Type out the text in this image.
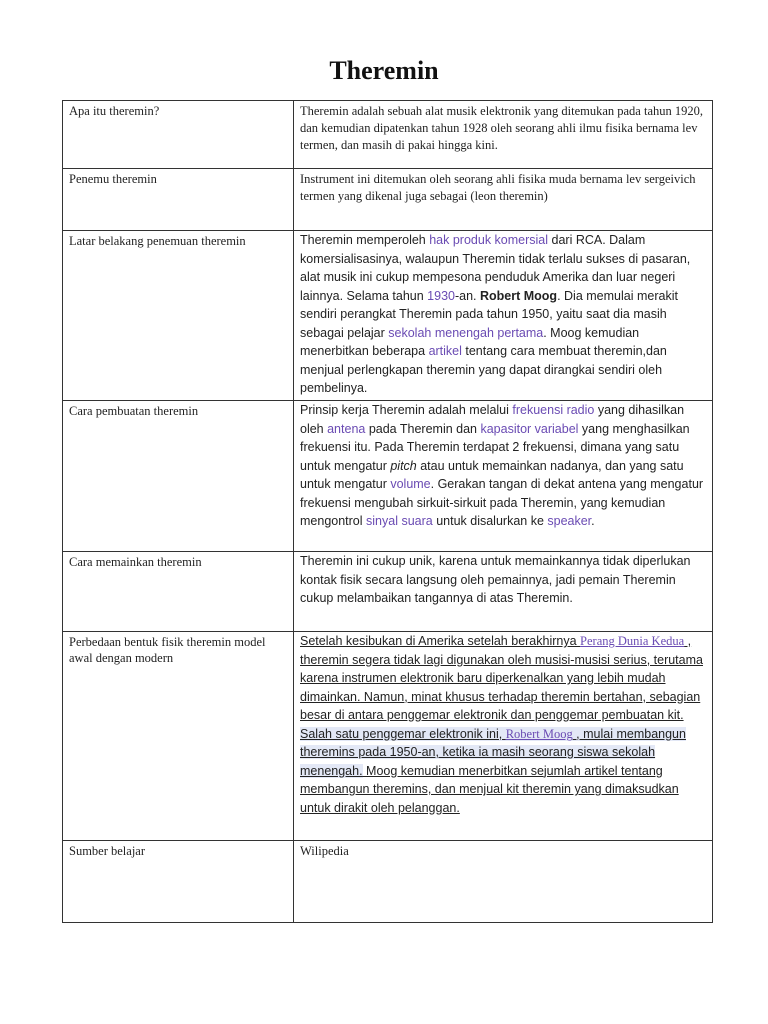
Theremin
Apa itu theremin?	Theremin adalah sebuah alat musik elektronik yang ditemukan pada tahun 1920, dan kemudian dipatenkan tahun 1928 oleh seorang ahli ilmu fisika bernama lev termen, dan masih di pakai hingga kini.
Penemu theremin	Instrument ini ditemukan oleh seorang ahli fisika muda bernama lev sergeivich termen yang dikenal juga sebagai (leon theremin)
Latar belakang penemuan theremin	Theremin memperoleh hak produk komersial dari RCA. Dalam komersialisasinya, walaupun Theremin tidak terlalu sukses di pasaran, alat musik ini cukup mempesona penduduk Amerika dan luar negeri lainnya. Selama tahun 1930-an. Robert Moog. Dia memulai merakit sendiri perangkat Theremin pada tahun 1950, yaitu saat dia masih sebagai pelajar sekolah menengah pertama. Moog kemudian menerbitkan beberapa artikel tentang cara membuat theremin,dan menjual perlengkapan theremin yang dapat dirangkai sendiri oleh pembelinya.
Cara pembuatan theremin	Prinsip kerja Theremin adalah melalui frekuensi radio yang dihasilkan oleh antena pada Theremin dan kapasitor variabel yang menghasilkan frekuensi itu. Pada Theremin terdapat 2 frekuensi, dimana yang satu untuk mengatur pitch atau untuk memainkan nadanya, dan yang satu untuk mengatur volume. Gerakan tangan di dekat antena yang mengatur frekuensi mengubah sirkuit-sirkuit pada Theremin, yang kemudian mengontrol sinyal suara untuk disalurkan ke speaker.
Cara memainkan theremin	Theremin ini cukup unik, karena untuk memainkannya tidak diperlukan kontak fisik secara langsung oleh pemainnya, jadi pemain Theremin cukup melambaikan tangannya di atas Theremin.
Perbedaan bentuk fisik theremin model awal dengan modern	Setelah kesibukan di Amerika setelah berakhirnya Perang Dunia Kedua , theremin segera tidak lagi digunakan oleh musisi-musisi serius, terutama karena instrumen elektronik baru diperkenalkan yang lebih mudah dimainkan. Namun, minat khusus terhadap theremin bertahan, sebagian besar di antara penggemar elektronik dan penggemar pembuatan kit. Salah satu penggemar elektronik ini, Robert Moog , mulai membangun theremins pada 1950-an, ketika ia masih seorang siswa sekolah menengah. Moog kemudian menerbitkan sejumlah artikel tentang membangun theremins, dan menjual kit theremin yang dimaksudkan untuk dirakit oleh pelanggan.
Sumber belajar	Wilipedia
